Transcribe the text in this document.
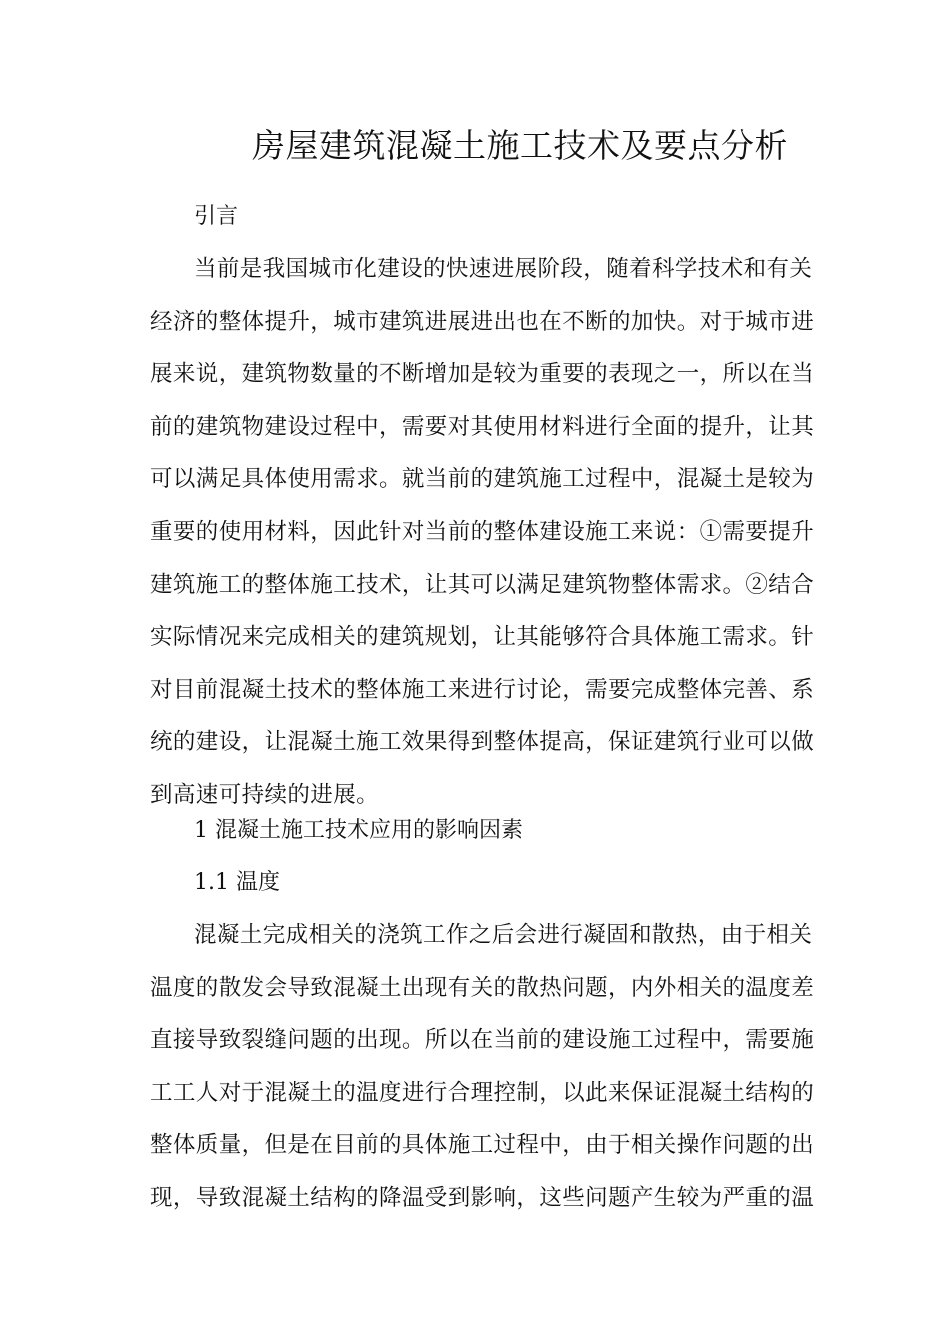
房屋建筑混凝土施工技术及要点分析

引言

当前是我国城市化建设的快速进展阶段，随着科学技术和有关
经济的整体提升，城市建筑进展进出也在不断的加快。对于城市进
展来说，建筑物数量的不断增加是较为重要的表现之一，所以在当
前的建筑物建设过程中，需要对其使用材料进行全面的提升，让其
可以满足具体使用需求。就当前的建筑施工过程中，混凝土是较为
重要的使用材料，因此针对当前的整体建设施工来说：①需要提升
建筑施工的整体施工技术，让其可以满足建筑物整体需求。②结合
实际情况来完成相关的建筑规划，让其能够符合具体施工需求。针
对目前混凝土技术的整体施工来进行讨论，需要完成整体完善、系
统的建设，让混凝土施工效果得到整体提高，保证建筑行业可以做
到高速可持续的进展。

1 混凝土施工技术应用的影响因素

1.1 温度

混凝土完成相关的浇筑工作之后会进行凝固和散热，由于相关
温度的散发会导致混凝土出现有关的散热问题，内外相关的温度差
直接导致裂缝问题的出现。所以在当前的建设施工过程中，需要施
工工人对于混凝土的温度进行合理控制，以此来保证混凝土结构的
整体质量，但是在目前的具体施工过程中，由于相关操作问题的出
现，导致混凝土结构的降温受到影响，这些问题产生较为严重的温
